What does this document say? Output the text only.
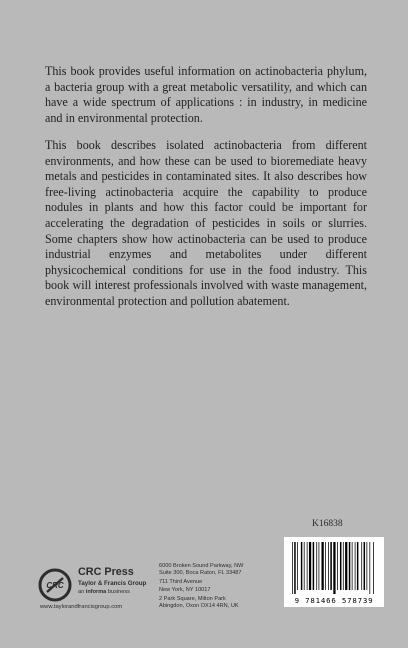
This book provides useful information on actinobacteria phylum, a bacteria group with a great metabolic versatility, and which can have a wide spectrum of applications : in industry, in medicine and in environmental protection.

This book describes isolated actinobacteria from different environments, and how these can be used to bioremediate heavy metals and pesticides in contaminated sites. It also describes how free-living actinobacteria acquire the capability to produce nodules in plants and how this factor could be important for accelerating the degradation of pesticides in soils or slurries. Some chapters show how actinobacteria can be used to produce industrial enzymes and metabolites under different physicochemical conditions for use in the food industry. This book will interest professionals involved with waste management, environmental protection and pollution abatement.

K16838
9 781466 578739
CRC
CRC Press
Taylor & Francis Group
an informa business
www.taylorandfrancisgroup.com
6000 Broken Sound Parkway, NW
Suite 300, Boca Raton, FL 33487
711 Third Avenue
New York, NY 10017
2 Park Square, Milton Park
Abingdon, Oxon OX14 4RN, UK
